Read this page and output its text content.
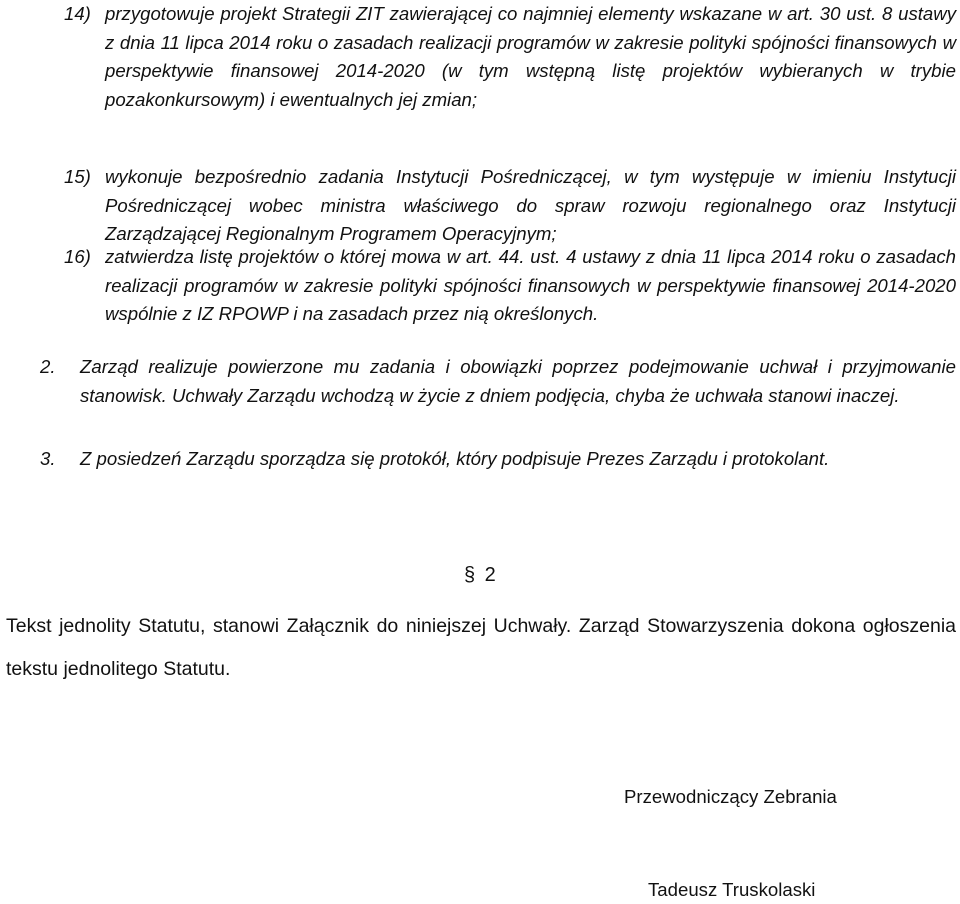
14) przygotowuje projekt Strategii ZIT zawierającej co najmniej elementy wskazane w art. 30 ust. 8 ustawy z dnia 11 lipca 2014 roku o zasadach realizacji programów w zakresie polityki spójności finansowych w perspektywie finansowej 2014-2020 (w tym wstępną listę projektów wybieranych w trybie pozakonkursowym) i ewentualnych jej zmian;
15) wykonuje bezpośrednio zadania Instytucji Pośredniczącej, w tym występuje w imieniu Instytucji Pośredniczącej wobec ministra właściwego do spraw rozwoju regionalnego oraz Instytucji Zarządzającej Regionalnym Programem Operacyjnym;
16) zatwierdza listę projektów o której mowa w art. 44. ust. 4 ustawy z dnia 11 lipca 2014 roku o zasadach realizacji programów w zakresie polityki spójności finansowych w perspektywie finansowej 2014-2020 wspólnie z IZ RPOWP i na zasadach przez nią określonych.
2. Zarząd realizuje powierzone mu zadania i obowiązki poprzez podejmowanie uchwał i przyjmowanie stanowisk. Uchwały Zarządu wchodzą w życie z dniem podjęcia, chyba że uchwała stanowi inaczej.
3. Z posiedzeń Zarządu sporządza się protokół, który podpisuje Prezes Zarządu i protokolant.
§ 2
Tekst jednolity Statutu, stanowi Załącznik do niniejszej Uchwały. Zarząd Stowarzyszenia dokona ogłoszenia tekstu jednolitego Statutu.
Przewodniczący Zebrania
Tadeusz Truskolaski
